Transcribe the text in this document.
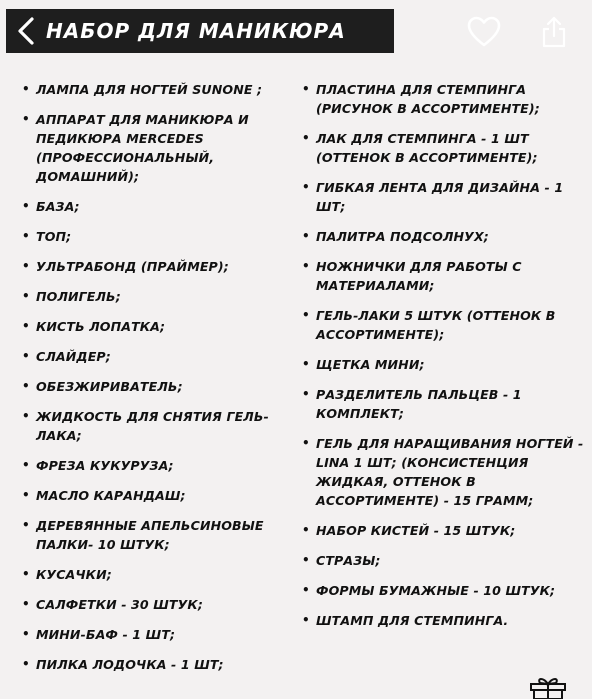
НАБОР ДЛЯ МАНИКЮРА
• ЛАМПА ДЛЯ НОГТЕЙ SUNONE ;
• АППАРАТ ДЛЯ МАНИКЮРА И ПЕДИКЮРА MERCEDES (ПРОФЕССИОНАЛЬНЫЙ, ДОМАШНИЙ);
• БАЗА;
• ТОП;
• УЛЬТРАБОНД (ПРАЙМЕР);
• ПОЛИГЕЛЬ;
• КИСТЬ ЛОПАТКА;
• СЛАЙДЕР;
• ОБЕЗЖИРИВАТЕЛЬ;
• ЖИДКОСТЬ ДЛЯ СНЯТИЯ ГЕЛЬ-ЛАКА;
• ФРЕЗА КУКУРУЗА;
• МАСЛО КАРАНДАШ;
• ДЕРЕВЯННЫЕ АПЕЛЬСИНОВЫЕ ПАЛКИ- 10 ШТУК;
• КУСАЧКИ;
• САЛФЕТКИ - 30 ШТУК;
• МИНИ-БАФ - 1 ШТ;
• ПИЛКА ЛОДОЧКА - 1 ШТ;
• ПЛАСТИНА ДЛЯ СТЕМПИНГА (РИСУНОК В АССОРТИМЕНТЕ);
• ЛАК ДЛЯ СТЕМПИНГА - 1 ШТ (ОТТЕНОК В АССОРТИМЕНТЕ);
• ГИБКАЯ ЛЕНТА ДЛЯ ДИЗАЙНА - 1 ШТ;
• ПАЛИТРА ПОДСОЛНУХ;
• НОЖНИЧКИ ДЛЯ РАБОТЫ С МАТЕРИАЛАМИ;
• ГЕЛЬ-ЛАКИ 5 ШТУК (ОТТЕНОК В АССОРТИМЕНТЕ);
• ЩЕТКА МИНИ;
• РАЗДЕЛИТЕЛЬ ПАЛЬЦЕВ - 1 КОМПЛЕКТ;
• ГЕЛЬ ДЛЯ НАРАЩИВАНИЯ НОГТЕЙ - LINA 1 ШТ; (КОНСИСТЕНЦИЯ ЖИДКАЯ, ОТТЕНОК В АССОРТИМЕНТЕ) - 15 ГРАММ;
• НАБОР КИСТЕЙ - 15 ШТУК;
• СТРАЗЫ;
• ФОРМЫ БУМАЖНЫЕ - 10 ШТУК;
• ШТАМП ДЛЯ СТЕМПИНГА.
